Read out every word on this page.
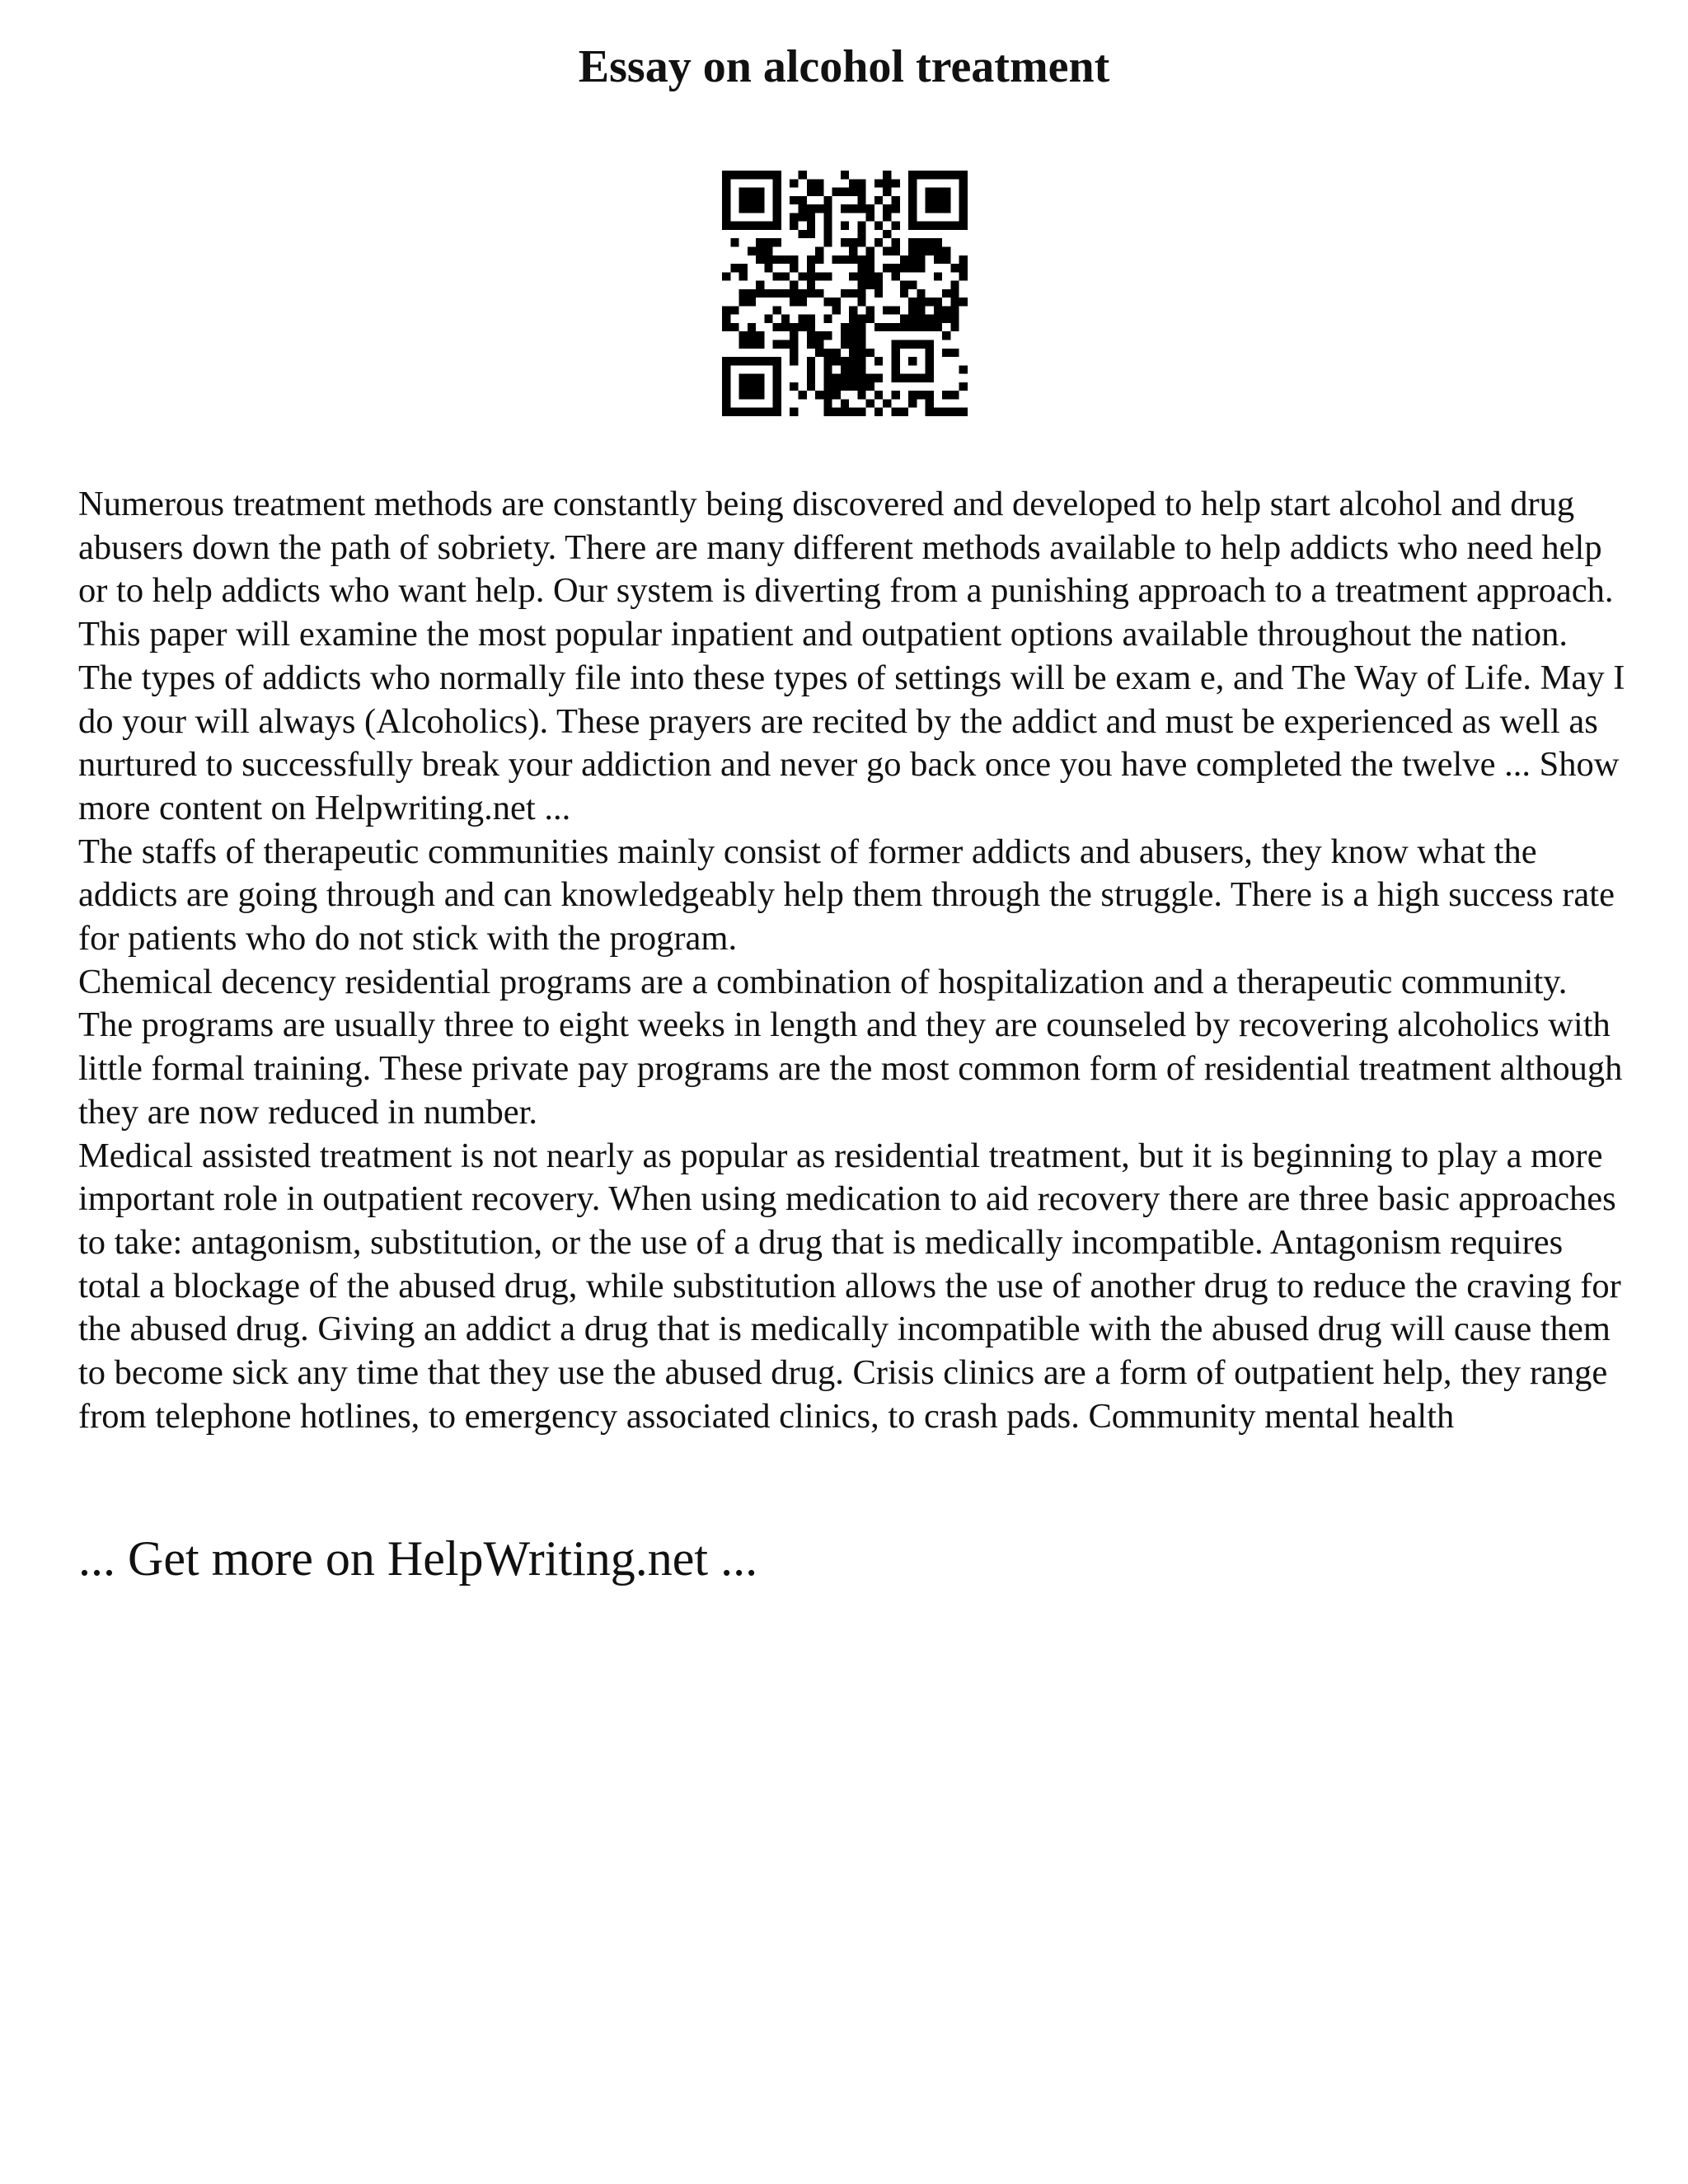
Essay on alcohol treatment

Numerous treatment methods are constantly being discovered and developed to help start alcohol and drug abusers down the path of sobriety. There are many different methods available to help addicts who need help or to help addicts who want help. Our system is diverting from a punishing approach to a treatment approach. This paper will examine the most popular inpatient and outpatient options available throughout the nation. The types of addicts who normally file into these types of settings will be exam e, and The Way of Life. May I do your will always (Alcoholics). These prayers are recited by the addict and must be experienced as well as nurtured to successfully break your addiction and never go back once you have completed the twelve ... Show more content on Helpwriting.net ...

The staffs of therapeutic communities mainly consist of former addicts and abusers, they know what the addicts are going through and can knowledgeably help them through the struggle. There is a high success rate for patients who do not stick with the program.

Chemical decency residential programs are a combination of hospitalization and a therapeutic community. The programs are usually three to eight weeks in length and they are counseled by recovering alcoholics with little formal training. These private pay programs are the most common form of residential treatment although they are now reduced in number.

Medical assisted treatment is not nearly as popular as residential treatment, but it is beginning to play a more important role in outpatient recovery. When using medication to aid recovery there are three basic approaches to take: antagonism, substitution, or the use of a drug that is medically incompatible. Antagonism requires total a blockage of the abused drug, while substitution allows the use of another drug to reduce the craving for the abused drug. Giving an addict a drug that is medically incompatible with the abused drug will cause them to become sick any time that they use the abused drug. Crisis clinics are a form of outpatient help, they range from telephone hotlines, to emergency associated clinics, to crash pads. Community mental health

... Get more on HelpWriting.net ...
